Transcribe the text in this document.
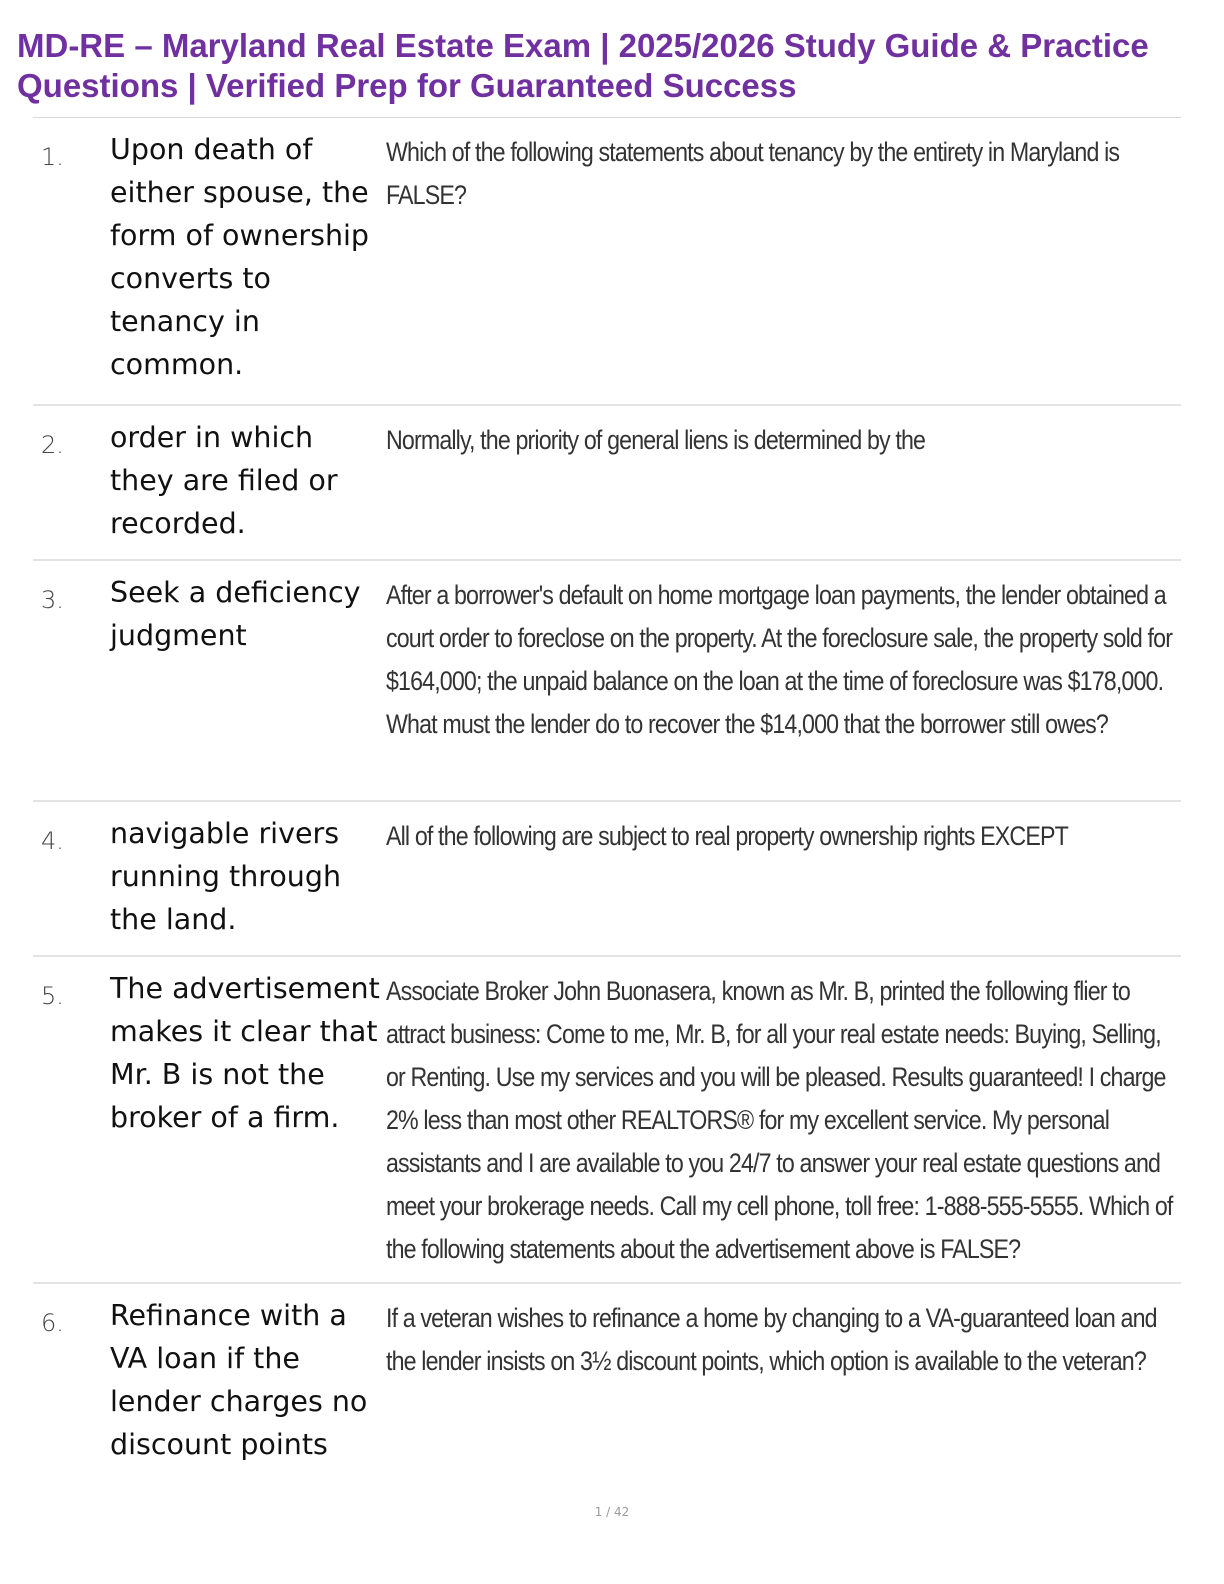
MD-RE – Maryland Real Estate Exam | 2025/2026 Study Guide & Practice Questions | Verified Prep for Guaranteed Success
1. Upon death of either spouse, the form of ownership converts to tenancy in common.
Which of the following statements about tenancy by the entirety in Maryland is FALSE?
2. order in which they are filed or recorded.
Normally, the priority of general liens is determined by the
3. Seek a deficiency judgment
After a borrower's default on home mortgage loan payments, the lender obtained a court order to foreclose on the property. At the foreclosure sale, the property sold for $164,000; the unpaid balance on the loan at the time of foreclosure was $178,000. What must the lender do to recover the $14,000 that the borrower still owes?
4. navigable rivers running through the land.
All of the following are subject to real property ownership rights EXCEPT
5. The advertisement makes it clear that Mr. B is not the broker of a firm.
Associate Broker John Buonasera, known as Mr. B, printed the following flier to attract business: Come to me, Mr. B, for all your real estate needs: Buying, Selling, or Renting. Use my services and you will be pleased. Results guaranteed! I charge 2% less than most other REALTORS® for my excellent service. My personal assistants and I are available to you 24/7 to answer your real estate questions and meet your brokerage needs. Call my cell phone, toll free: 1-888-555-5555. Which of the following statements about the advertisement above is FALSE?
6. Refinance with a VA loan if the lender charges no discount points
If a veteran wishes to refinance a home by changing to a VA-guaranteed loan and the lender insists on 3½ discount points, which option is available to the veteran?
1 / 42
